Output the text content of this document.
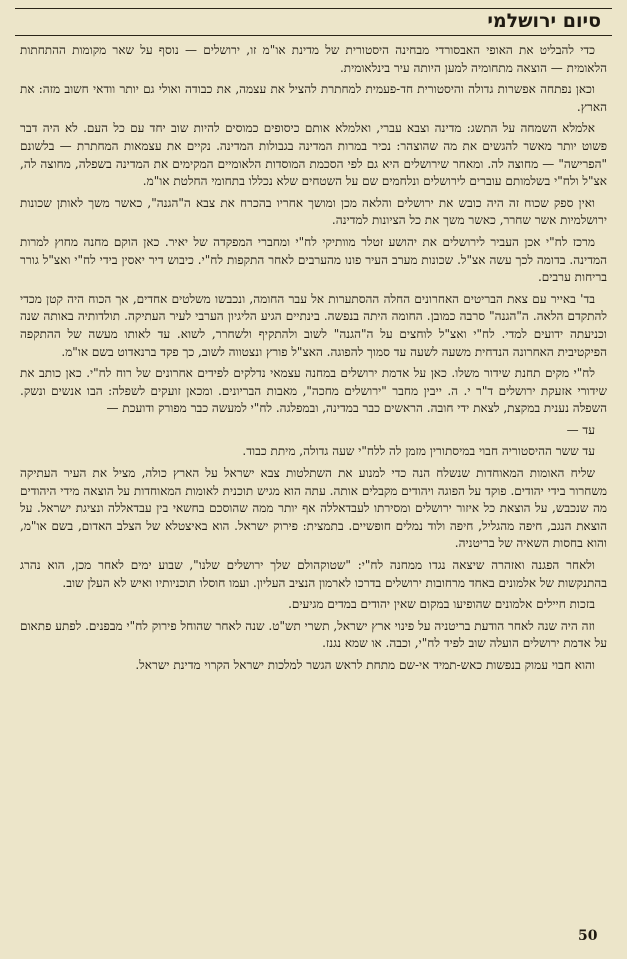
סיום ירושלמי

כדי להבליט את האופי האבסורדי מבחינה היסטורית של מדינת או"מ זו, ירושלים — נוסף על שאר מקומות ההתחתות הלאומית — הוצאה מתחומיה למען היותה עיר בינלאומית.

וכאן נפתחה אפשרות גדולה והיסטורית חד-פעמית למחתרת להציל את עצמה, את כבודה ואולי גם יותר וודאי חשוב מזה: את הארץ.

אלמלא השמחה על התשג: מדינה וצבא עברי, ואלמלא אותם כיסופים כמוסים להיות שוב יחד עם כל העם. לא היה דבר פשוט יותר מאשר להגשים את מה שהוצהר: נכיר במרות המדינה בגבולות המדינה. נקיים את עצמאות המחתרת — בלשונם "הפרישה" — מחוצה לה. ומאחר שירושלים היא גם לפי הסכמת המוסדות הלאומיים המקימים את המדינה בשפלה, מחוצה לה, אצ"ל ולח"י בשלמותם עוברים לירושלים ונלחמים שם על השטחים שלא נכללו בתחומי החלטת או"מ.

ואין ספק שכוח זה היה כובש את ירושלים והלאה מכן ומושך אחריו בהכרח את צבא ה"הגנה", כאשר משך לאותן שכונות ירושלמיות אשר שחרר, כאשר משך את כל הציונות למדינה.

מרכז לח"י אכן העביר לירושלים את יהושע זטלר מוותיקי לח"י ומחברי המפקדה של יאיר. כאן הוקם מחנה מחוץ למרות המדינה. בדומה לכך עשה אצ"ל. שכונות מערב העיר פונו מהערבים לאחר התקפות לח"י. כיבוש דיר יאסין בידי לח"י ואצ"ל גורר בריחות ערבים.

בד' באייר עם צאת הבריטים האחרונים החלה ההסתערות אל עבר החומה, ונכבשו משלטים אחדים, אך הכוח היה קטן מכדי להתקדם הלאה. ה"הגנה" סרבה כמובן. החומה היתה בנפשה. בינתיים הגיע הליגיון הערבי לעיר העתיקה. תולדותיה באותה שנה וכניעתה ידועים למדי. לח"י ואצ"ל לוחצים על ה"הגנה" לשוב ולהתקיף ולשחרר, לשוא. עד לאותו מעשה של ההתקפה הפיקטיבית האחרונה הנדחית משעה לשעה עד סמוך להפוגה. האצ"ל פורץ ונצטווה לשוב, כך פקד ברנאדוט בשם או"מ.

לח"י מקים תחנת שידור משלו. כאן על אדמת ירושלים במחנה עצמאי נדלקים לפידים אחרונים של רוח לח"י. כאן כותב את שידורי אזעקת ירושלים ד"ר י. ה. ייבין מחבר "ירושלים מחכה", מאבות הבריונים. ומכאן זועקים לשפלה: הבו אנשים ונשק. השפלה נענית במקצת, לצאת ידי חובה. הראשים כבר במדינה, ובמפלגה. לח"י למעשה כבר מפורק ודועכת —

עד —

עד ששר ההיסטוריה חבוי במיסתורין מזמן לה ללח"י שעה גדולה, מיתת כבוד.

שליח האומות המאוחדות שנשלח הנה כדי למנוע את השתלטות צבא ישראל על הארץ כולה, מציל את העיר העתיקה משחרור בידי יהודים. פוקד על הפוגה ויהודים מקבלים אותה. עתה הוא מגיש תוכנית לאומות המאוחדות על הוצאה מידי היהודים מה שנכבש, על הוצאת כל איזור ירושלים ומסירתו לעבדאללה אף יותר ממה שהוסכם בחשאי בין עבדאללה ונציגת ישראל. על הוצאת הנגב, חיפה מהגליל, חיפה ולוד נמלים חופשיים. בתמצית: פירוק ישראל. הוא באיצטלא של הצלב האדום, בשם או"מ, והוא בחסות השאיה של בריטניה.

ולאחר הפגנה ואזהרה שיצאה נגדו ממחנה לח"י: "שטוקהולם שלך ירושלים שלנו", שבוע ימים לאחר מכן, הוא נהרג בהתנקשות של אלמונים באחד מרחובות ירושלים בדרכו לארמון הנציב העליון. ועמו חוסלו תוכניותיו ואיש לא העלן שוב.

בזכות חיילים אלמונים שהופיעו במקום שאין יהודים במדים מגיעים.

וזה היה שנה לאחר הודעת בריטניה על פינוי ארץ ישראל, תשרי תש"ט. שנה לאחר שהוחל פירוק לח"י מבפנים. לפתע פתאום על אדמת ירושלים הועלה שוב לפיד לח"י, וכבה. או שמא נגנז.

והוא חבוי עמוק בנפשות כאש-תמיד אי-שם מתחת לראש הגשר למלכות ישראל הקרוי מדינת ישראל.

50
